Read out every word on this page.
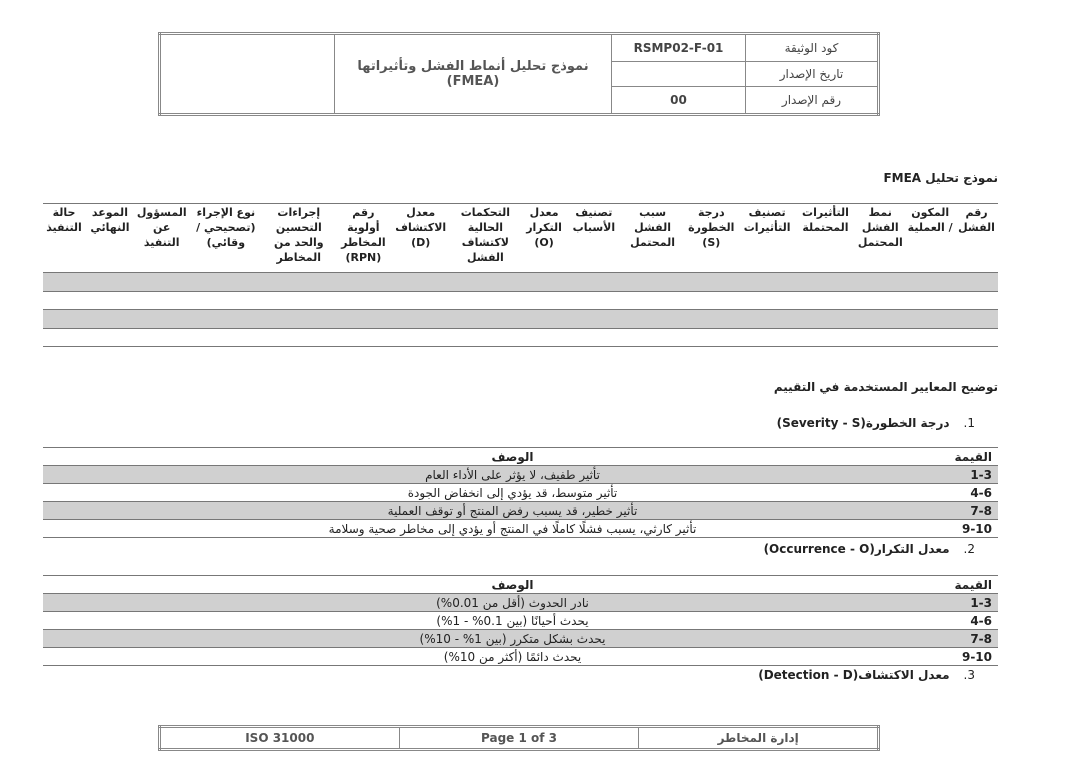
كود الوثيقة	RSMP02-F-01	نموذج تحليل أنماط الفشل وتأثيراتها (FMEA)	
تاريخ الإصدار			
رقم الإصدار	00		
نموذج تحليل FMEA
رقم الفشل	المكون / العملية	نمط الفشل المحتمل	التأثيرات المحتملة	تصنيف التأثيرات	درجة الخطورة (S)	سبب الفشل المحتمل	تصنيف الأسباب	معدل التكرار (O)	التحكمات الحالية لاكتشاف الفشل	معدل الاكتشاف (D)	رقم أولوية المخاطر (RPN)	إجراءات التحسين والحد من المخاطر	نوع الإجراء (تصحيحي / وقائي)	المسؤول عن التنفيذ	الموعد النهائي	حالة التنفيذ

توضيح المعايير المستخدمة في التقييم
1.درجة الخطورة(Severity - S)
القيمة	الوصف
1-3	تأثير طفيف، لا يؤثر على الأداء العام
4-6	تأثير متوسط، قد يؤدي إلى انخفاض الجودة
7-8	تأثير خطير، قد يسبب رفض المنتج أو توقف العملية
9-10	تأثير كارثي، يسبب فشلًا كاملًا في المنتج أو يؤدي إلى مخاطر صحية وسلامة
2.معدل التكرار(Occurrence - O)
القيمة	الوصف
1-3	نادر الحدوث (أقل من 0.01%)
4-6	يحدث أحيانًا (بين 0.1% - 1%)
7-8	يحدث بشكل متكرر (بين 1% - 10%)
9-10	يحدث دائمًا (أكثر من 10%)
3.معدل الاكتشاف(Detection - D)
إدارة المخاطر	Page 1 of 3	ISO 31000
